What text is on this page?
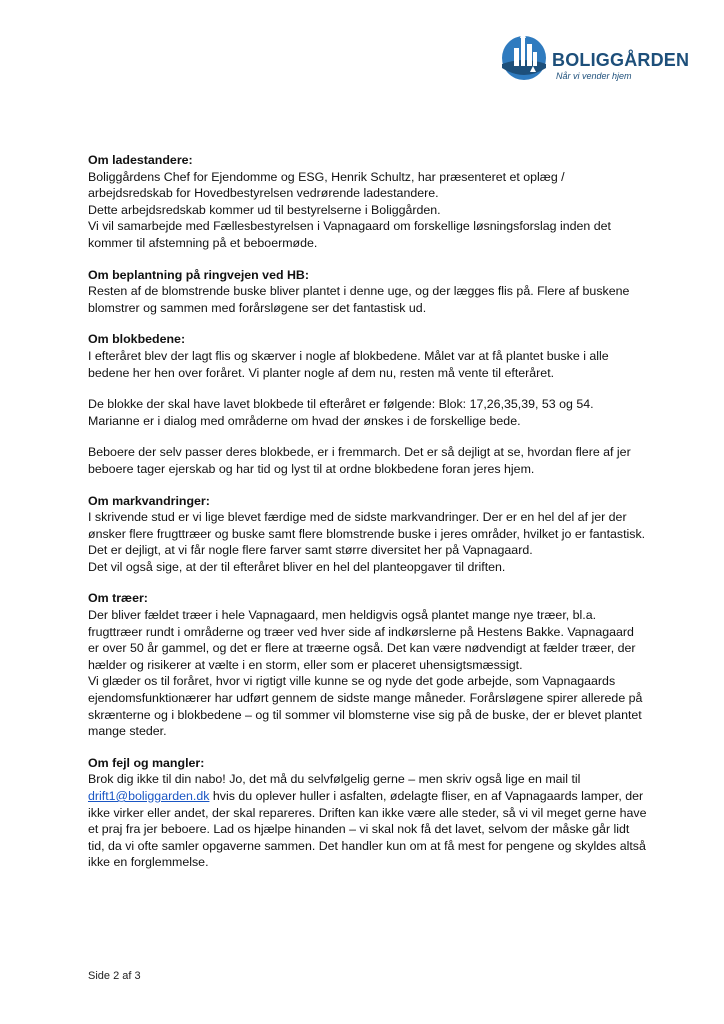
BOLIGGÅRDEN
Når vi vender hjem

Om ladestandere:

Boliggårdens Chef for Ejendomme og ESG, Henrik Schultz, har præsenteret et oplæg / arbejdsredskab for Hovedbestyrelsen vedrørende ladestandere.

Dette arbejdsredskab kommer ud til bestyrelserne i Boliggården.

Vi vil samarbejde med Fællesbestyrelsen i Vapnagaard om forskellige løsningsforslag inden det kommer til afstemning på et beboermøde.

Om beplantning på ringvejen ved HB:

Resten af de blomstrende buske bliver plantet i denne uge, og der lægges flis på. Flere af buskene blomstrer og sammen med forårsløgene ser det fantastisk ud.

Om blokbedene:

I efteråret blev der lagt flis og skærver i nogle af blokbedene. Målet var at få plantet buske i alle bedene her hen over foråret. Vi planter nogle af dem nu, resten må vente til efteråret.

De blokke der skal have lavet blokbede til efteråret er følgende: Blok: 17,26,35,39, 53 og 54.

Marianne er i dialog med områderne om hvad der ønskes i de forskellige bede.

Beboere der selv passer deres blokbede, er i fremmarch. Det er så dejligt at se, hvordan flere af jer beboere tager ejerskab og har tid og lyst til at ordne blokbedene foran jeres hjem.

Om markvandringer:

I skrivende stud er vi lige blevet færdige med de sidste markvandringer. Der er en hel del af jer der ønsker flere frugttræer og buske samt flere blomstrende buske i jeres områder, hvilket jo er fantastisk. Det er dejligt, at vi får nogle flere farver samt større diversitet her på Vapnagaard.

Det vil også sige, at der til efteråret bliver en hel del planteopgaver til driften.

Om træer:

Der bliver fældet træer i hele Vapnagaard, men heldigvis også plantet mange nye træer, bl.a. frugttræer rundt i områderne og træer ved hver side af indkørslerne på Hestens Bakke. Vapnagaard er over 50 år gammel, og det er flere at træerne også. Det kan være nødvendigt at fælder træer, der hælder og risikerer at vælte i en storm, eller som er placeret uhensigtsmæssigt.

Vi glæder os til foråret, hvor vi rigtigt ville kunne se og nyde det gode arbejde, som Vapnagaards ejendomsfunktionærer har udført gennem de sidste mange måneder. Forårsløgene spirer allerede på skrænterne og i blokbedene – og til sommer vil blomsterne vise sig på de buske, der er blevet plantet mange steder.

Om fejl og mangler:

Brok dig ikke til din nabo! Jo, det må du selvfølgelig gerne – men skriv også lige en mail til drift1@boliggarden.dk hvis du oplever huller i asfalten, ødelagte fliser, en af Vapnagaards lamper, der ikke virker eller andet, der skal repareres. Driften kan ikke være alle steder, så vi vil meget gerne have et praj fra jer beboere. Lad os hjælpe hinanden – vi skal nok få det lavet, selvom der måske går lidt tid, da vi ofte samler opgaverne sammen. Det handler kun om at få mest for pengene og skyldes altså ikke en forglemmelse.

Side 2 af 3
